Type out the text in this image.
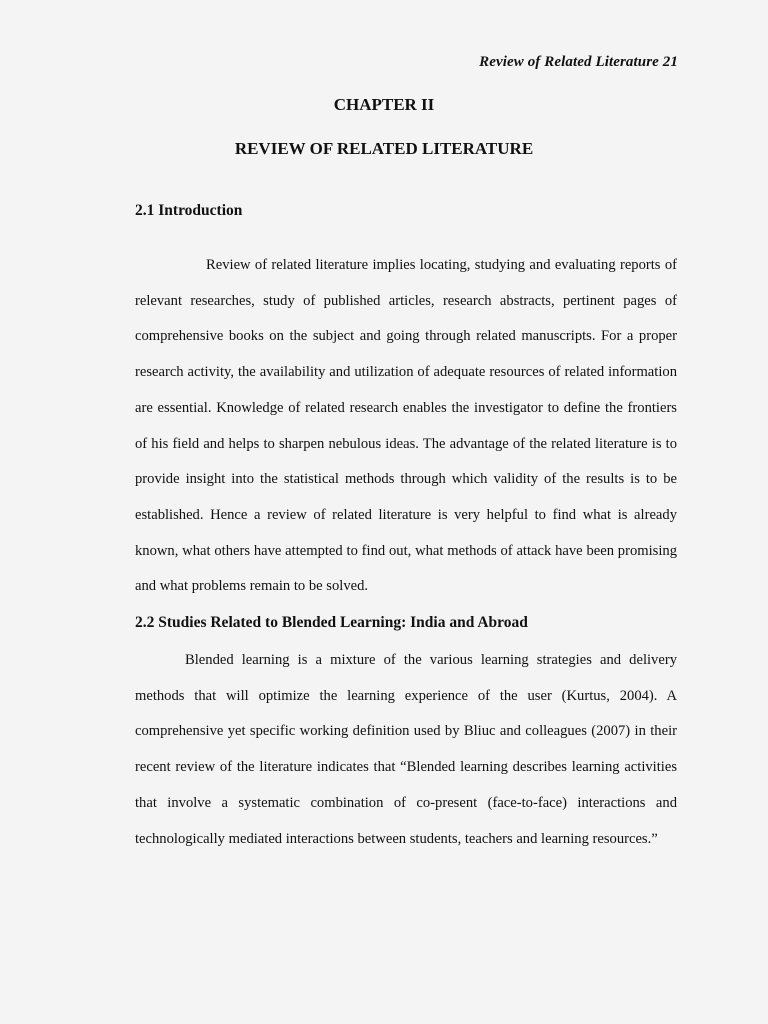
Review of Related Literature 21
CHAPTER II
REVIEW OF RELATED LITERATURE
2.1 Introduction

Review of related literature implies locating, studying and evaluating reports of relevant researches, study of published articles, research abstracts, pertinent pages of comprehensive books on the subject and going through related manuscripts. For a proper research activity, the availability and utilization of adequate resources of related information are essential. Knowledge of related research enables the investigator to define the frontiers of his field and helps to sharpen nebulous ideas. The advantage of the related literature is to provide insight into the statistical methods through which validity of the results is to be established. Hence a review of related literature is very helpful to find what is already known, what others have attempted to find out, what methods of attack have been promising and what problems remain to be solved.

2.2 Studies Related to Blended Learning: India and Abroad

Blended learning is a mixture of the various learning strategies and delivery methods that will optimize the learning experience of the user (Kurtus, 2004). A comprehensive yet specific working definition used by Bliuc and colleagues (2007) in their recent review of the literature indicates that “Blended learning describes learning activities that involve a systematic combination of co-present (face-to-face) interactions and technologically mediated interactions between students, teachers and learning resources.”
